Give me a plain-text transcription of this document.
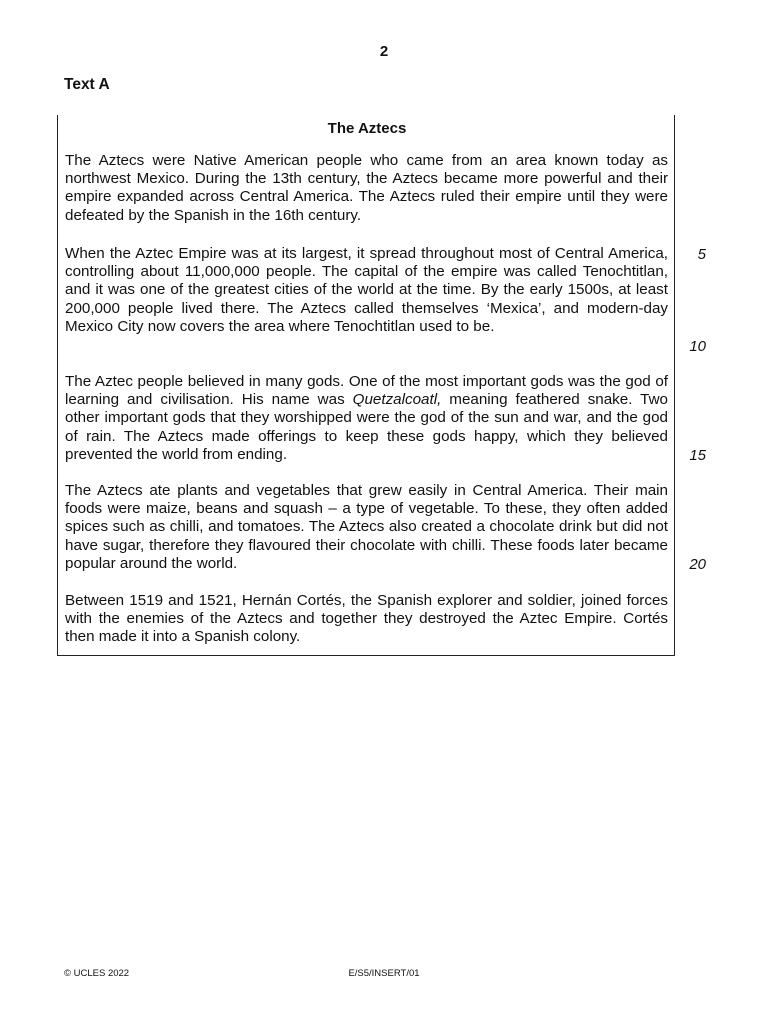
2
Text A
The Aztecs

The Aztecs were Native American people who came from an area known today as northwest Mexico. During the 13th century, the Aztecs became more powerful and their empire expanded across Central America. The Aztecs ruled their empire until they were defeated by the Spanish in the 16th century.

When the Aztec Empire was at its largest, it spread throughout most of Central America, controlling about 11,000,000 people. The capital of the empire was called Tenochtitlan, and it was one of the greatest cities of the world at the time. By the early 1500s, at least 200,000 people lived there. The Aztecs called themselves ‘Mexica’, and modern-day Mexico City now covers the area where Tenochtitlan used to be.

The Aztec people believed in many gods. One of the most important gods was the god of learning and civilisation. His name was Quetzalcoatl, meaning feathered snake. Two other important gods that they worshipped were the god of the sun and war, and the god of rain. The Aztecs made offerings to keep these gods happy, which they believed prevented the world from ending.

The Aztecs ate plants and vegetables that grew easily in Central America. Their main foods were maize, beans and squash – a type of vegetable. To these, they often added spices such as chilli, and tomatoes. The Aztecs also created a chocolate drink but did not have sugar, therefore they flavoured their chocolate with chilli. These foods later became popular around the world.

Between 1519 and 1521, Hernán Cortés, the Spanish explorer and soldier, joined forces with the enemies of the Aztecs and together they destroyed the Aztec Empire. Cortés then made it into a Spanish colony.

5
10
15
20
© UCLES 2022	E/S5/INSERT/01
